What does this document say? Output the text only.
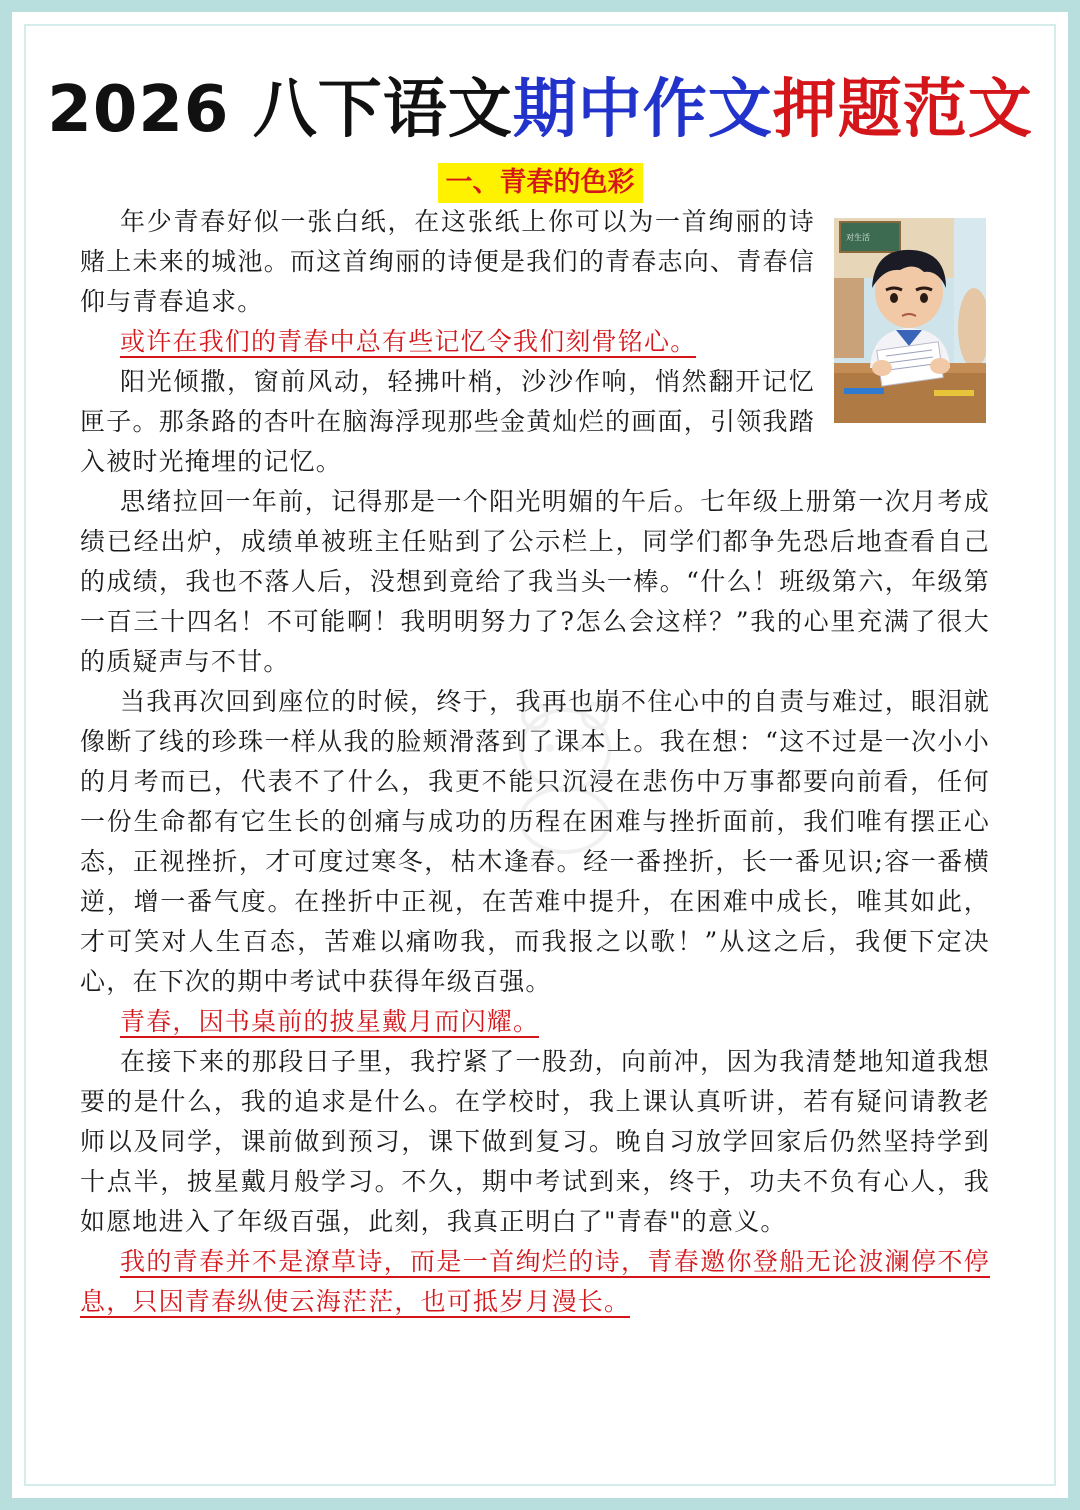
2026 八下语文期中作文押题范文
一、青春的色彩
对生活

年少青春好似一张白纸，在这张纸上你可以为一首绚丽的诗赌上未来的城池。而这首绚丽的诗便是我们的青春志向、青春信仰与青春追求。

或许在我们的青春中总有些记忆令我们刻骨铭心。

阳光倾撒，窗前风动，轻拂叶梢，沙沙作响，悄然翻开记忆匣子。那条路的杏叶在脑海浮现那些金黄灿烂的画面，引领我踏入被时光掩埋的记忆。

思绪拉回一年前，记得那是一个阳光明媚的午后。七年级上册第一次月考成绩已经出炉，成绩单被班主任贴到了公示栏上，同学们都争先恐后地查看自己的成绩，我也不落人后，没想到竟给了我当头一棒。“什么！班级第六，年级第一百三十四名！不可能啊！我明明努力了?怎么会这样？”我的心里充满了很大的质疑声与不甘。

当我再次回到座位的时候，终于，我再也崩不住心中的自责与难过，眼泪就像断了线的珍珠一样从我的脸颊滑落到了课本上。我在想：“这不过是一次小小的月考而已，代表不了什么，我更不能只沉浸在悲伤中万事都要向前看，任何一份生命都有它生长的创痛与成功的历程在困难与挫折面前，我们唯有摆正心态，正视挫折，才可度过寒冬，枯木逢春。经一番挫折，长一番见识;容一番横逆，增一番气度。在挫折中正视，在苦难中提升，在困难中成长，唯其如此，才可笑对人生百态，苦难以痛吻我，而我报之以歌！”从这之后，我便下定决心，在下次的期中考试中获得年级百强。

青春，因书桌前的披星戴月而闪耀。

在接下来的那段日子里，我拧紧了一股劲，向前冲，因为我清楚地知道我想要的是什么，我的追求是什么。在学校时，我上课认真听讲，若有疑问请教老师以及同学，课前做到预习，课下做到复习。晚自习放学回家后仍然坚持学到十点半，披星戴月般学习。不久，期中考试到来，终于，功夫不负有心人，我如愿地进入了年级百强，此刻，我真正明白了"青春"的意义。

我的青春并不是潦草诗，而是一首绚烂的诗，青春邀你登船无论波澜停不停息，只因青春纵使云海茫茫，也可抵岁月漫长。
